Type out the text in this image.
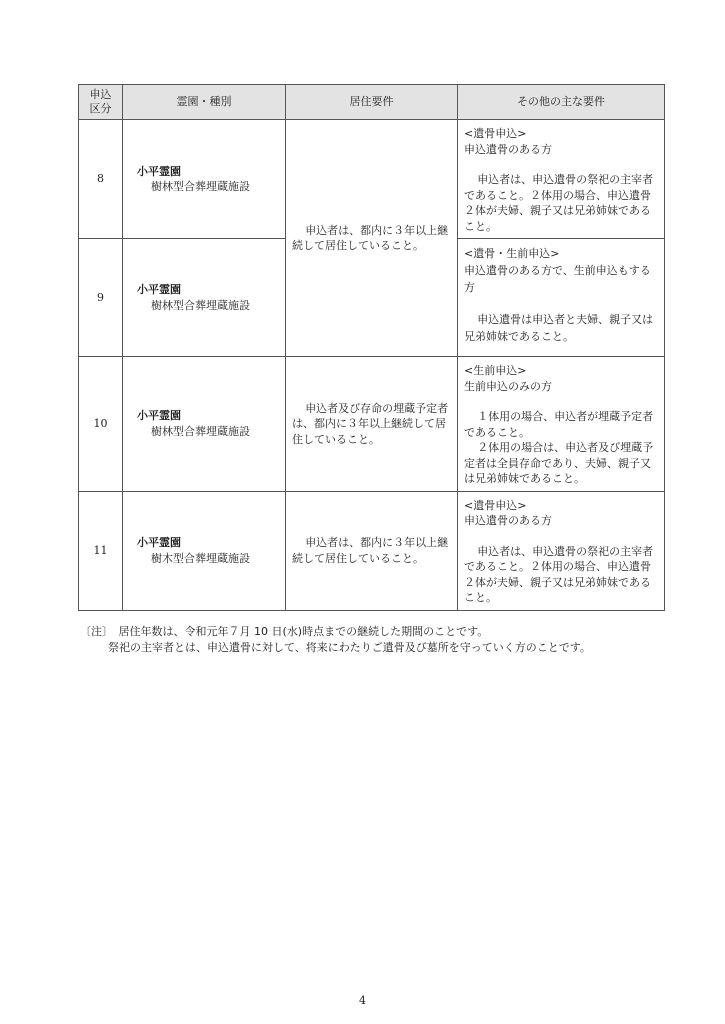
申込
区分	霊園・種別	居住要件	その他の主な要件
8	小平霊園
樹林型合葬埋蔵施設	申込者は、都内に３年以上継続して居住していること。	<遺骨申込>
申込遺骨のある方
申込者は、申込遺骨の祭祀の主宰者であること。２体用の場合、申込遺骨２体が夫婦、親子又は兄弟姉妹であること。

9	小平霊園
樹林型合葬埋蔵施設		<遺骨・生前申込>
申込遺骨のある方で、生前申込もする方
申込遺骨は申込者と夫婦、親子又は兄弟姉妹であること。

10	小平霊園
樹林型合葬埋蔵施設	申込者及び存命の埋蔵予定者は、都内に３年以上継続して居住していること。	<生前申込>
生前申込のみの方
１体用の場合、申込者が埋蔵予定者であること。
２体用の場合は、申込者及び埋蔵予定者は全員存命であり、夫婦、親子又は兄弟姉妹であること。

11	小平霊園
樹木型合葬埋蔵施設	申込者は、都内に３年以上継続して居住していること。	<遺骨申込>
申込遺骨のある方
申込者は、申込遺骨の祭祀の主宰者であること。２体用の場合、申込遺骨２体が夫婦、親子又は兄弟姉妹であること。
〔注〕　居住年数は、令和元年７月 10 日(水)時点までの継続した期間のことです。
祭祀の主宰者とは、申込遺骨に対して、将来にわたりご遺骨及び墓所を守っていく方のことです。
4
